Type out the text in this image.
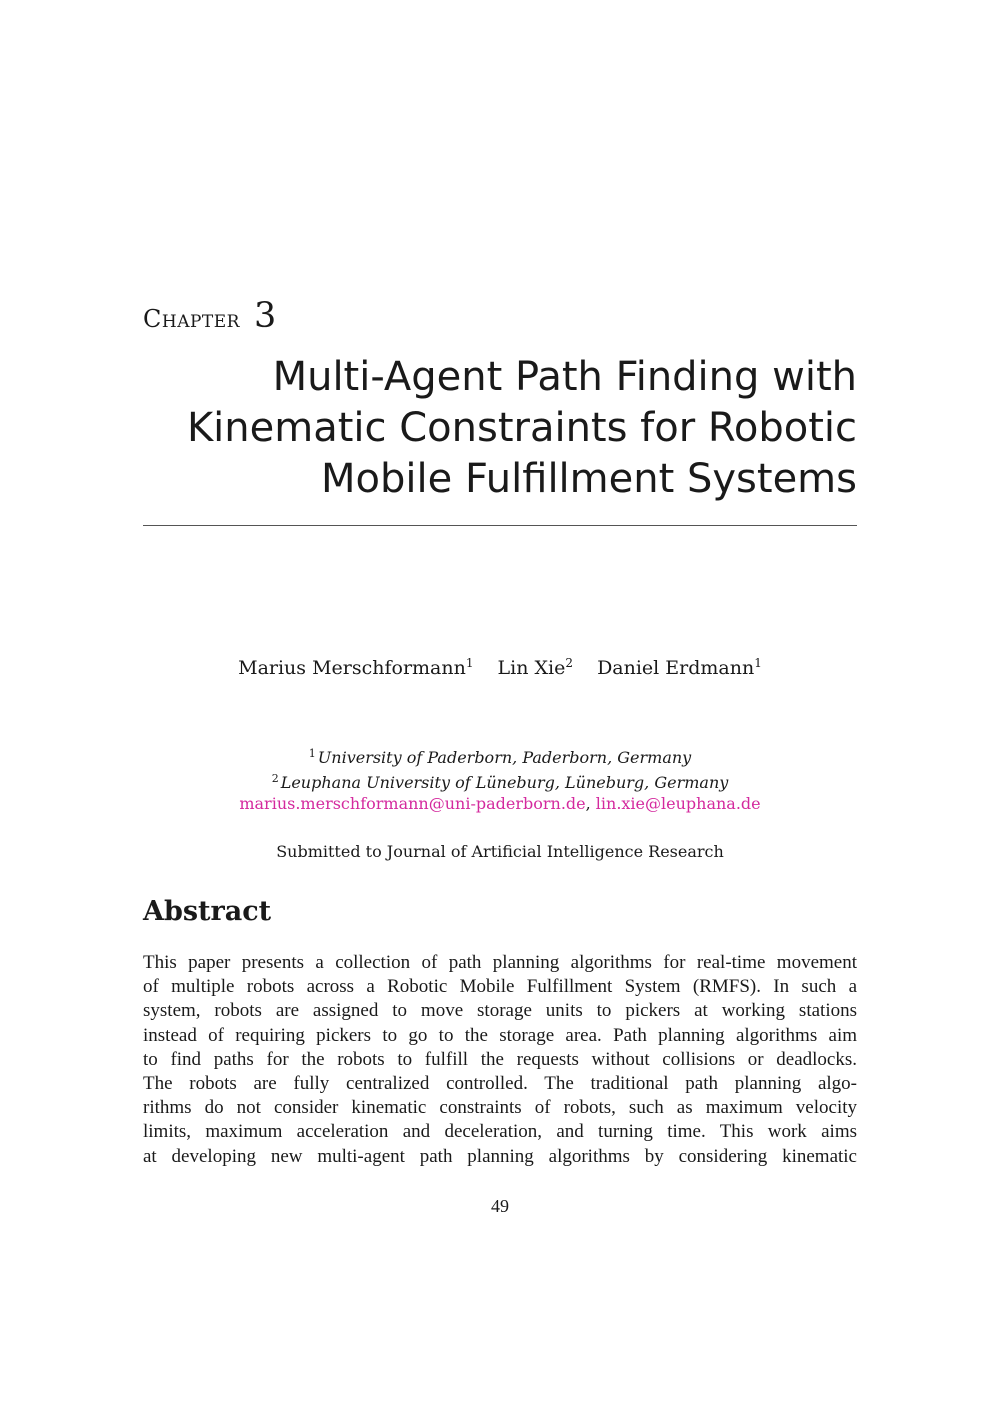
Chapter 3
Multi-Agent Path Finding with
Kinematic Constraints for Robotic
Mobile Fulfillment Systems
Marius Merschformann$^1$ Lin Xie$^2$ Daniel Erdmann$^1$
$^1$ University of Paderborn, Paderborn, Germany
$^2$ Leuphana University of Lüneburg, Lüneburg, Germany
marius.merschformann@uni-paderborn.de, lin.xie@leuphana.de
Submitted to Journal of Artificial Intelligence Research
Abstract
This paper presents a collection of path planning algorithms for real-time movement
of multiple robots across a Robotic Mobile Fulfillment System (RMFS). In such a
system, robots are assigned to move storage units to pickers at working stations
instead of requiring pickers to go to the storage area. Path planning algorithms aim
to find paths for the robots to fulfill the requests without collisions or deadlocks.
The robots are fully centralized controlled. The traditional path planning algo-
rithms do not consider kinematic constraints of robots, such as maximum velocity
limits, maximum acceleration and deceleration, and turning time. This work aims
at developing new multi-agent path planning algorithms by considering kinematic
49
